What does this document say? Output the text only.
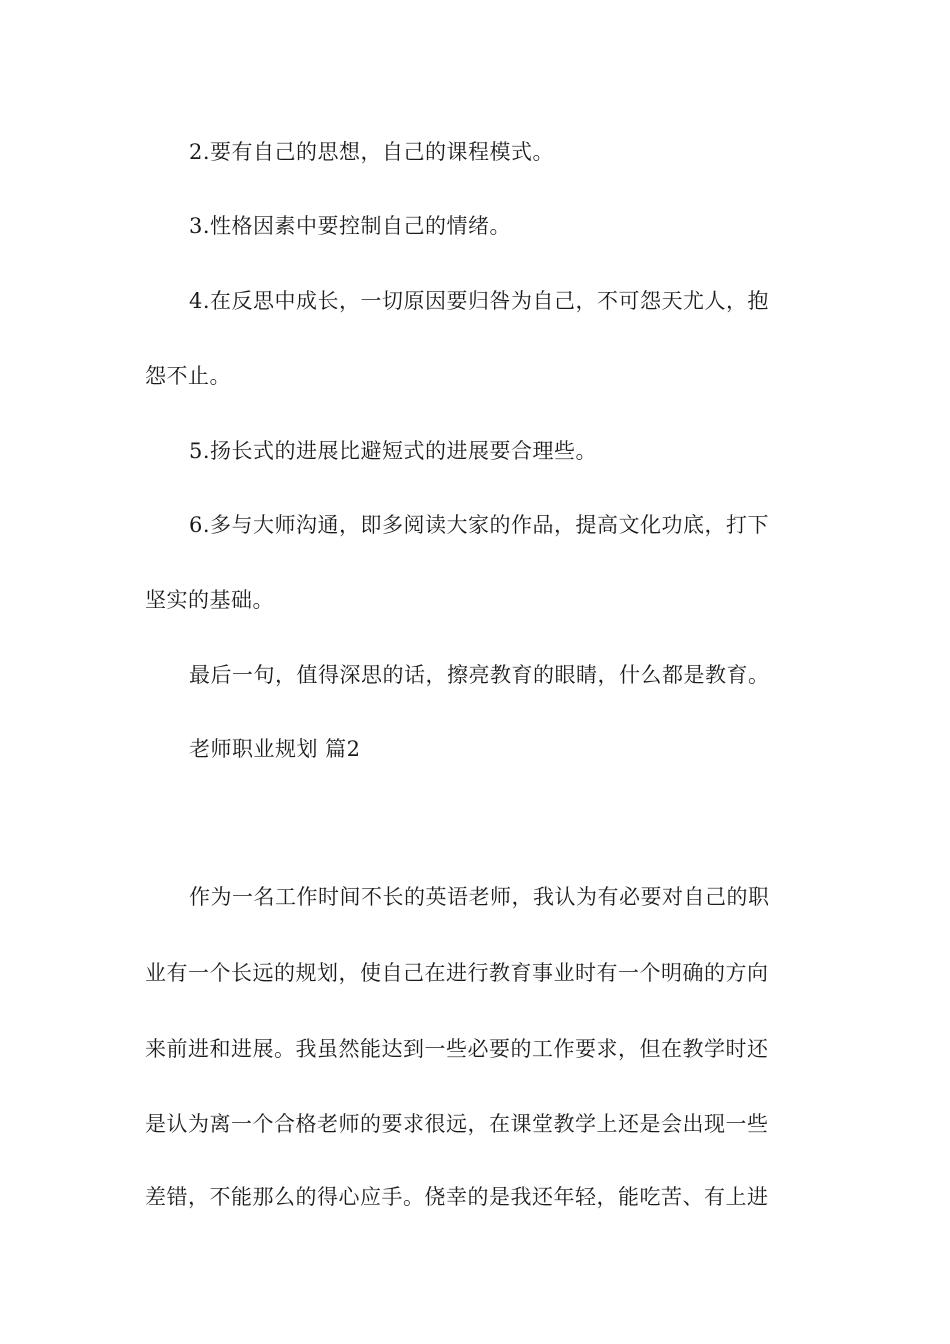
2.要有自己的思想，自己的课程模式。
3.性格因素中要控制自己的情绪。
4.在反思中成长，一切原因要归咎为自己，不可怨天尤人，抱
怨不止。
5.扬长式的进展比避短式的进展要合理些。
6.多与大师沟通，即多阅读大家的作品，提高文化功底，打下
坚实的基础。
最后一句，值得深思的话，擦亮教育的眼睛，什么都是教育。
老师职业规划 篇2
作为一名工作时间不长的英语老师，我认为有必要对自己的职
业有一个长远的规划，使自己在进行教育事业时有一个明确的方向
来前进和进展。我虽然能达到一些必要的工作要求，但在教学时还
是认为离一个合格老师的要求很远，在课堂教学上还是会出现一些
差错，不能那么的得心应手。侥幸的是我还年轻，能吃苦、有上进
